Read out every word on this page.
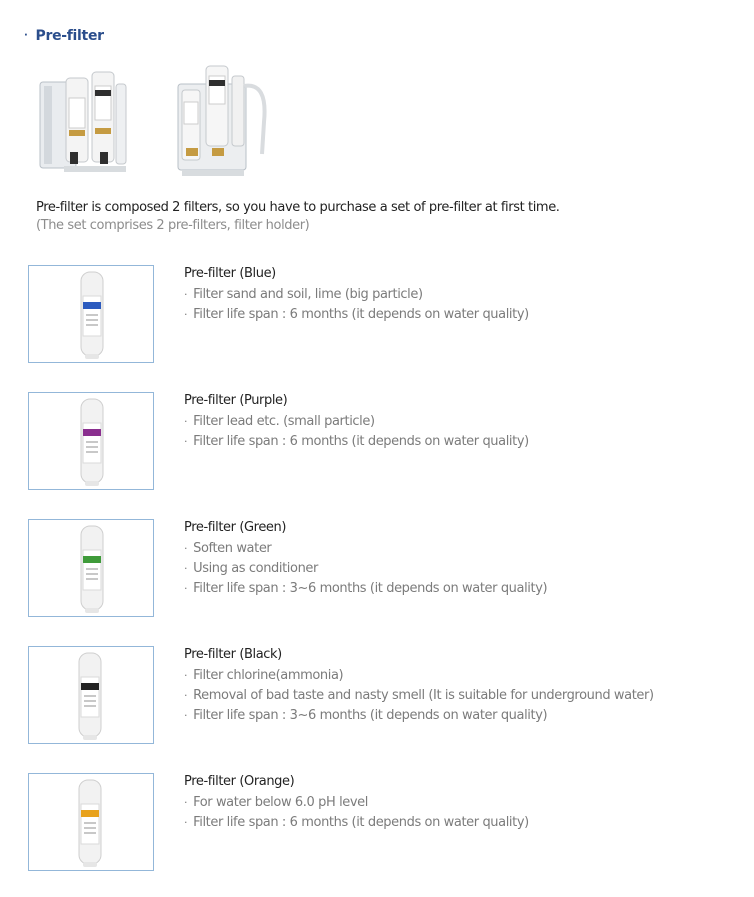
· Pre-filter
Pre-filter is composed 2 filters, so you have to purchase a set of pre-filter at first time.
(The set comprises 2 pre-filters, filter holder)
Pre-filter (Blue)
· Filter sand and soil, lime (big particle)
· Filter life span : 6 months (it depends on water quality)
Pre-filter (Purple)
· Filter lead etc. (small particle)
· Filter life span : 6 months (it depends on water quality)
Pre-filter (Green)
· Soften water
· Using as conditioner
· Filter life span : 3~6 months (it depends on water quality)
Pre-filter (Black)
· Filter chlorine(ammonia)
· Removal of bad taste and nasty smell (It is suitable for underground water)
· Filter life span : 3~6 months (it depends on water quality)
Pre-filter (Orange)
· For water below 6.0 pH level
· Filter life span : 6 months (it depends on water quality)
